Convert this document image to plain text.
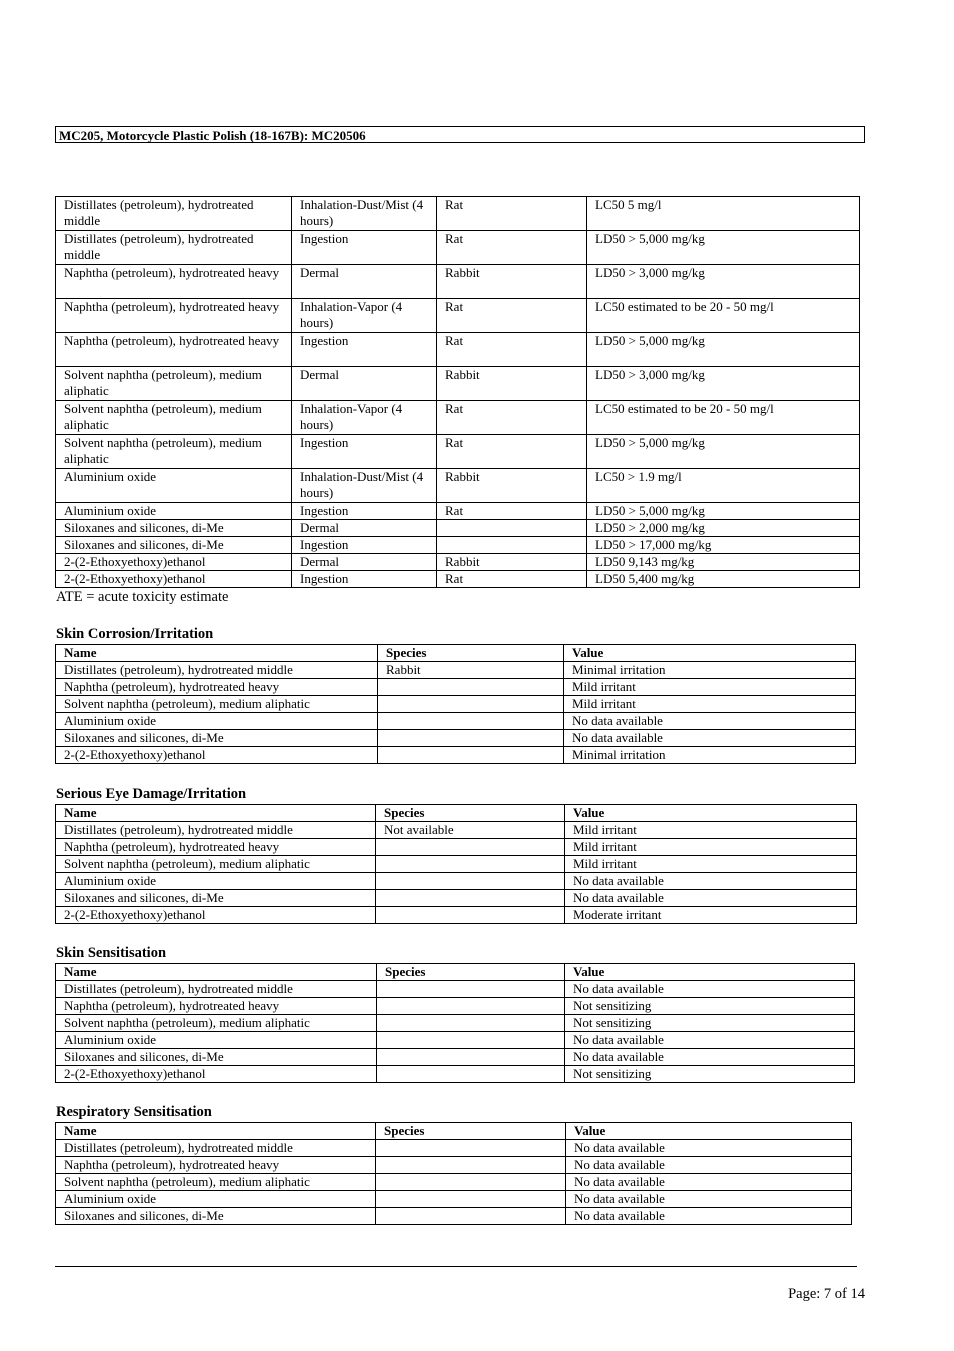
MC205, Motorcycle Plastic Polish (18-167B): MC20506
Distillates (petroleum), hydrotreated middle	Inhalation-Dust/Mist (4 hours)	Rat	LC50 5 mg/l
Distillates (petroleum), hydrotreated middle	Ingestion	Rat	LD50 > 5,000 mg/kg
Naphtha (petroleum), hydrotreated heavy	Dermal	Rabbit	LD50 > 3,000 mg/kg
Naphtha (petroleum), hydrotreated heavy	Inhalation-Vapor (4 hours)	Rat	LC50 estimated to be 20 - 50 mg/l
Naphtha (petroleum), hydrotreated heavy	Ingestion	Rat	LD50 > 5,000 mg/kg
Solvent naphtha (petroleum), medium aliphatic	Dermal	Rabbit	LD50 > 3,000 mg/kg
Solvent naphtha (petroleum), medium aliphatic	Inhalation-Vapor (4 hours)	Rat	LC50 estimated to be 20 - 50 mg/l
Solvent naphtha (petroleum), medium aliphatic	Ingestion	Rat	LD50 > 5,000 mg/kg
Aluminium oxide	Inhalation-Dust/Mist (4 hours)	Rabbit	LC50 > 1.9 mg/l
Aluminium oxide	Ingestion	Rat	LD50 > 5,000 mg/kg
Siloxanes and silicones, di-Me	Dermal		LD50 > 2,000 mg/kg
Siloxanes and silicones, di-Me	Ingestion		LD50 > 17,000 mg/kg
2-(2-Ethoxyethoxy)ethanol	Dermal	Rabbit	LD50 9,143 mg/kg
2-(2-Ethoxyethoxy)ethanol	Ingestion	Rat	LD50 5,400 mg/kg
ATE = acute toxicity estimate
Skin Corrosion/Irritation
Name	Species	Value
Distillates (petroleum), hydrotreated middle	Rabbit	Minimal irritation
Naphtha (petroleum), hydrotreated heavy		Mild irritant
Solvent naphtha (petroleum), medium aliphatic		Mild irritant
Aluminium oxide		No data available
Siloxanes and silicones, di-Me		No data available
2-(2-Ethoxyethoxy)ethanol		Minimal irritation
Serious Eye Damage/Irritation
Name	Species	Value
Distillates (petroleum), hydrotreated middle	Not available	Mild irritant
Naphtha (petroleum), hydrotreated heavy		Mild irritant
Solvent naphtha (petroleum), medium aliphatic		Mild irritant
Aluminium oxide		No data available
Siloxanes and silicones, di-Me		No data available
2-(2-Ethoxyethoxy)ethanol		Moderate irritant
Skin Sensitisation
Name	Species	Value
Distillates (petroleum), hydrotreated middle		No data available
Naphtha (petroleum), hydrotreated heavy		Not sensitizing
Solvent naphtha (petroleum), medium aliphatic		Not sensitizing
Aluminium oxide		No data available
Siloxanes and silicones, di-Me		No data available
2-(2-Ethoxyethoxy)ethanol		Not sensitizing
Respiratory Sensitisation
Name	Species	Value
Distillates (petroleum), hydrotreated middle		No data available
Naphtha (petroleum), hydrotreated heavy		No data available
Solvent naphtha (petroleum), medium aliphatic		No data available
Aluminium oxide		No data available
Siloxanes and silicones, di-Me		No data available
Page: 7 of 14
